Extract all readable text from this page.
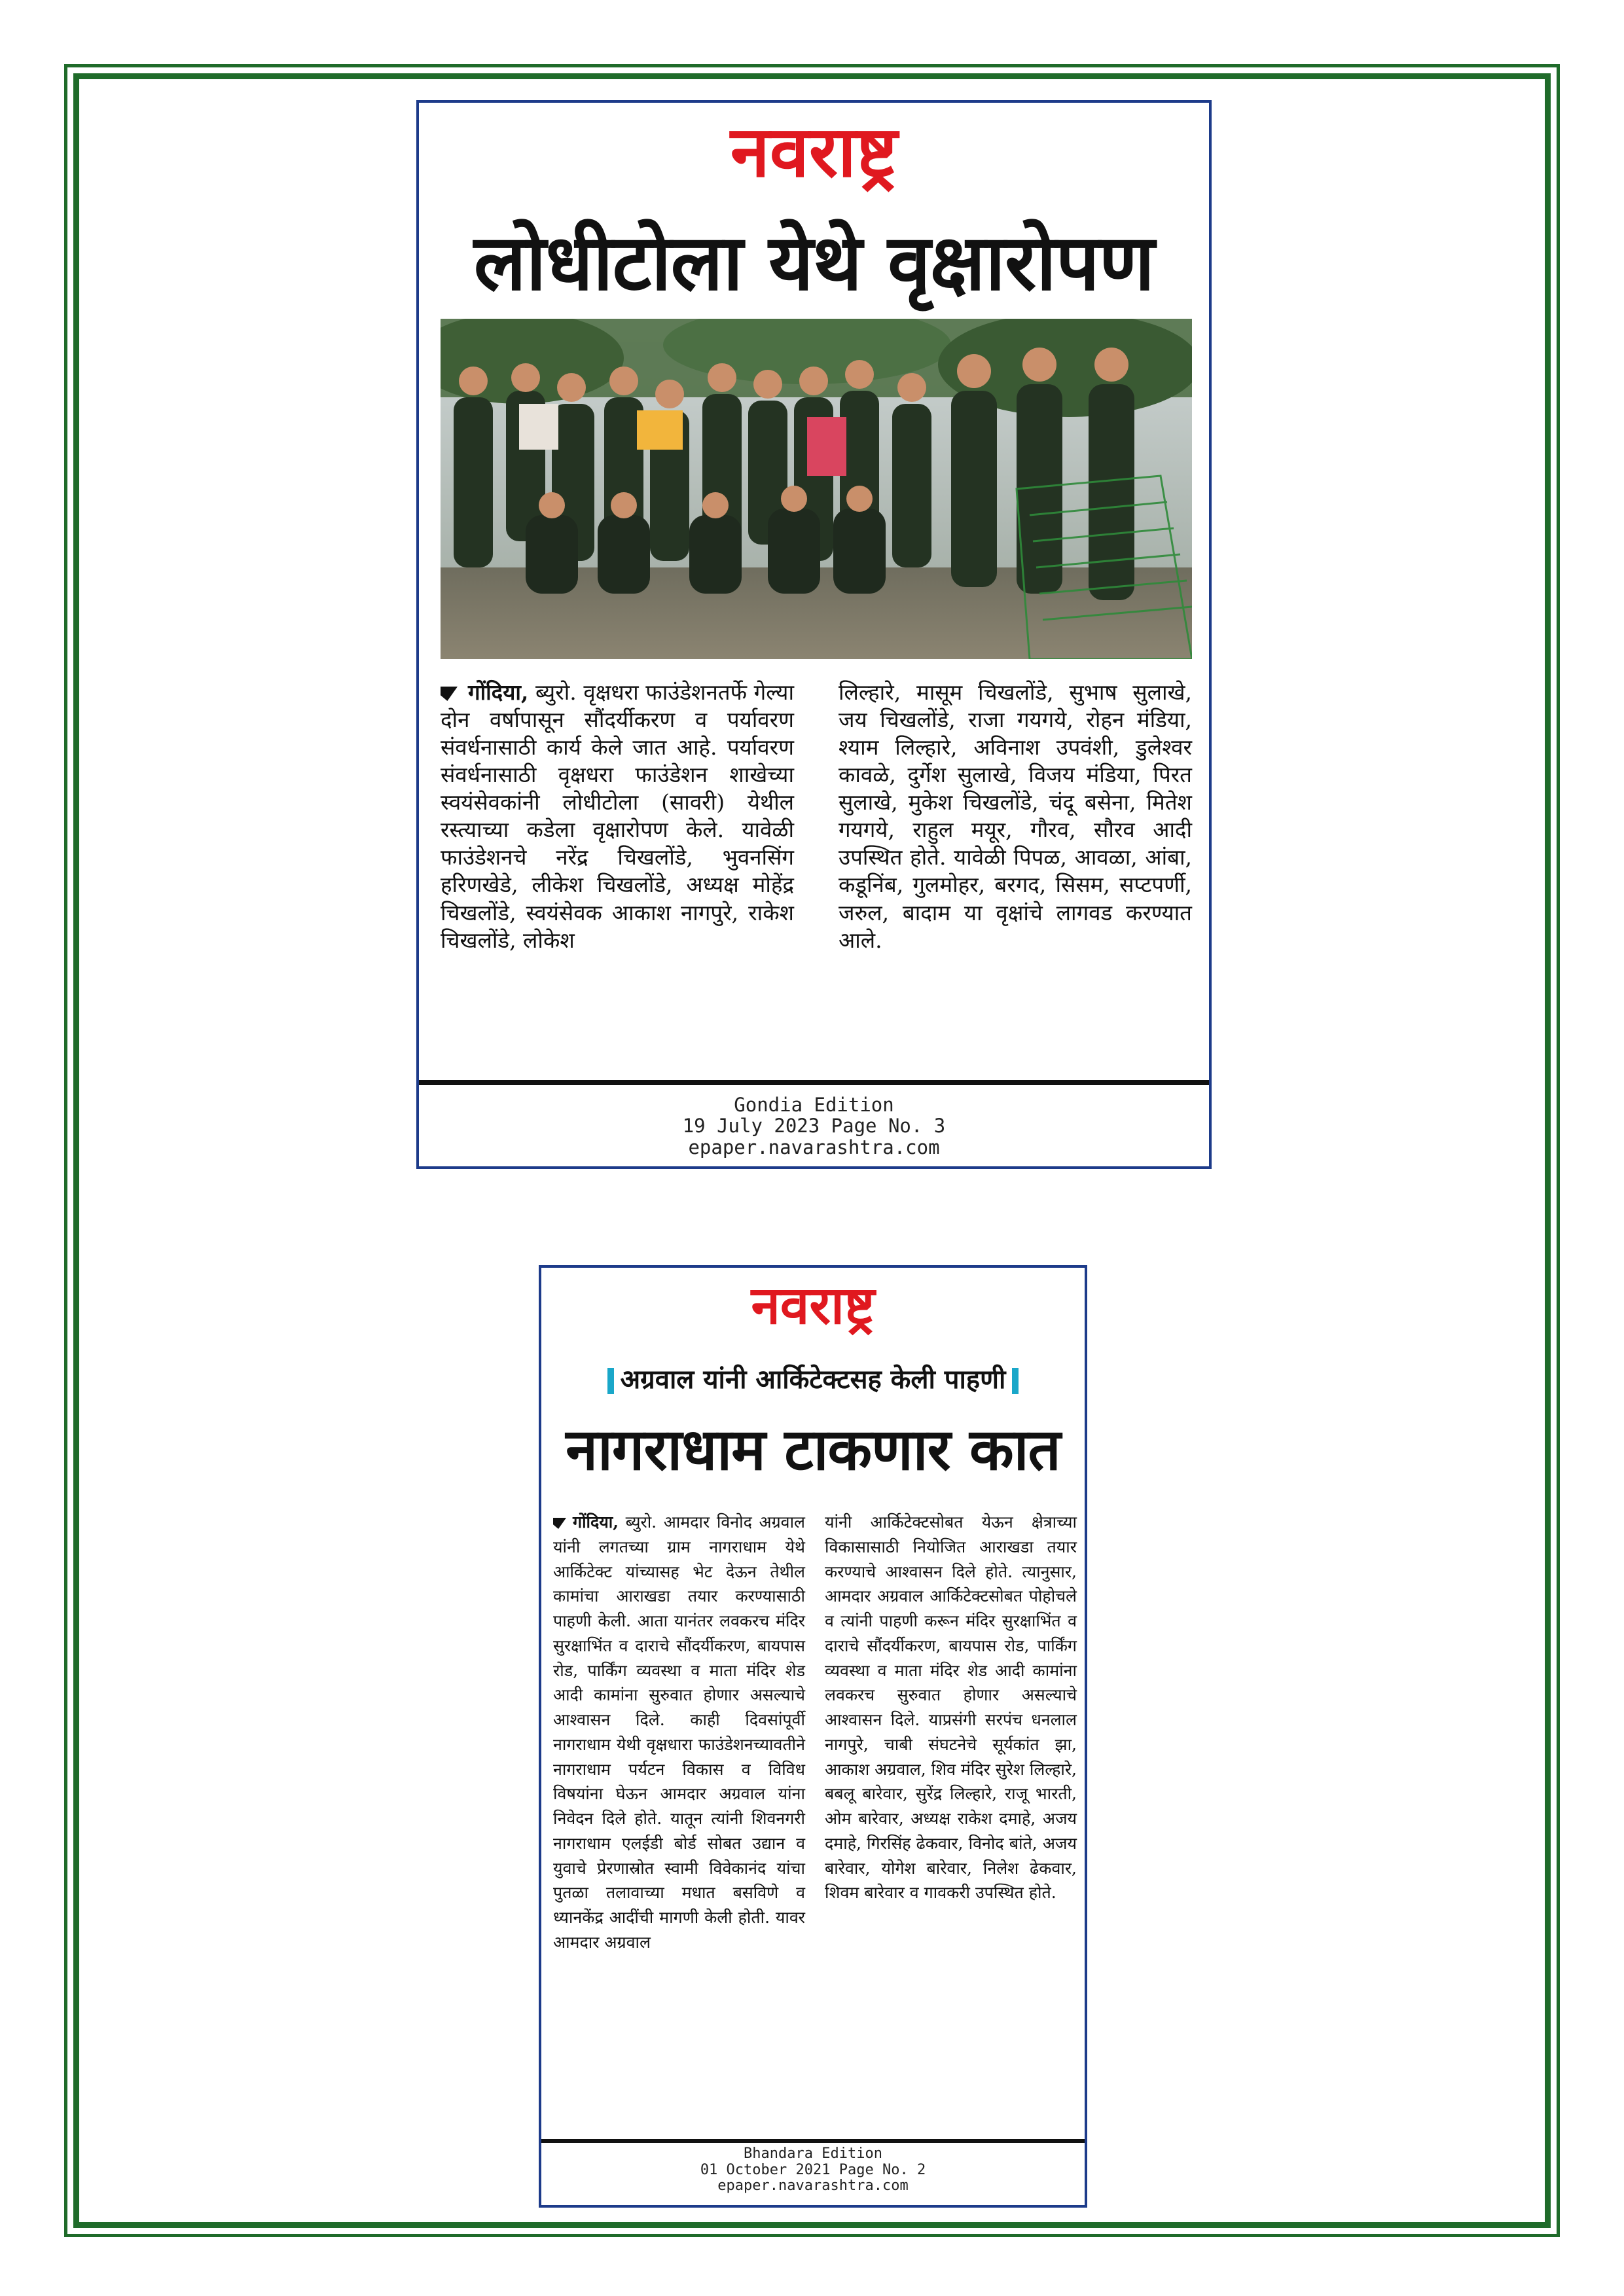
नवराष्ट्र
लोधीटोला येथे वृक्षारोपण

गोंदिया, ब्युरो. वृक्षधरा फाउंडेशनतर्फे गेल्या दोन वर्षापासून सौंदर्यीकरण व पर्यावरण संवर्धनासाठी कार्य केले जात आहे. पर्यावरण संवर्धनासाठी वृक्षधरा फाउंडेशन शाखेच्या स्वयंसेवकांनी लोधीटोला (सावरी) येथील रस्त्याच्या कडेला वृक्षारोपण केले. यावेळी फाउंडेशनचे नरेंद्र चिखलोंडे, भुवनसिंग हरिणखेडे, लीकेश चिखलोंडे, अध्यक्ष मोहेंद्र चिखलोंडे, स्वयंसेवक आकाश नागपुरे, राकेश चिखलोंडे, लोकेश

लिल्हारे, मासूम चिखलोंडे, सुभाष सुलाखे, जय चिखलोंडे, राजा गयगये, रोहन मंडिया, श्याम लिल्हारे, अविनाश उपवंशी, डुलेश्वर कावळे, दुर्गेश सुलाखे, विजय मंडिया, पिरत सुलाखे, मुकेश चिखलोंडे, चंदू बसेना, मितेश गयगये, राहुल मयूर, गौरव, सौरव आदी उपस्थित होते. यावेळी पिपळ, आवळा, आंबा, कडूनिंब, गुलमोहर, बरगद, सिसम, सप्टपर्णी, जरुल, बादाम या वृक्षांचे लागवड करण्यात आले.

Gondia Edition
19 July 2023 Page No. 3
epaper.navarashtra.com
नवराष्ट्र
अग्रवाल यांनी आर्किटेक्टसह केली पाहणी
नागराधाम टाकणार कात

गोंदिया, ब्युरो. आमदार विनोद अग्रवाल यांनी लगतच्या ग्राम नागराधाम येथे आर्किटेक्ट यांच्यासह भेट देऊन तेथील कामांचा आराखडा तयार करण्यासाठी पाहणी केली. आता यानंतर लवकरच मंदिर सुरक्षाभिंत व दाराचे सौंदर्यीकरण, बायपास रोड, पार्किंग व्यवस्था व माता मंदिर शेड आदी कामांना सुरुवात होणार असल्याचे आश्वासन दिले. काही दिवसांपूर्वी नागराधाम येथी वृक्षधारा फाउंडेशनच्यावतीने नागराधाम पर्यटन विकास व विविध विषयांना घेऊन आमदार अग्रवाल यांना निवेदन दिले होते. यातून त्यांनी शिवनगरी नागराधाम एलईडी बोर्ड सोबत उद्यान व युवाचे प्रेरणास्रोत स्वामी विवेकानंद यांचा पुतळा तलावाच्या मधात बसविणे व ध्यानकेंद्र आदींची मागणी केली होती. यावर आमदार अग्रवाल

यांनी आर्किटेक्टसोबत येऊन क्षेत्राच्या विकासासाठी नियोजित आराखडा तयार करण्याचे आश्वासन दिले होते. त्यानुसार, आमदार अग्रवाल आर्किटेक्टसोबत पोहोचले व त्यांनी पाहणी करून मंदिर सुरक्षाभिंत व दाराचे सौंदर्यीकरण, बायपास रोड, पार्किंग व्यवस्था व माता मंदिर शेड आदी कामांना लवकरच सुरुवात होणार असल्याचे आश्वासन दिले. याप्रसंगी सरपंच धनलाल नागपुरे, चाबी संघटनेचे सूर्यकांत झा, आकाश अग्रवाल, शिव मंदिर सुरेश लिल्हारे, बबलू बारेवार, सुरेंद्र लिल्हारे, राजू भारती, ओम बारेवार, अध्यक्ष राकेश दमाहे, अजय दमाहे, गिरसिंह ढेकवार, विनोद बांते, अजय बारेवार, योगेश बारेवार, निलेश ढेकवार, शिवम बारेवार व गावकरी उपस्थित होते.

Bhandara Edition
01 October 2021 Page No. 2
epaper.navarashtra.com
